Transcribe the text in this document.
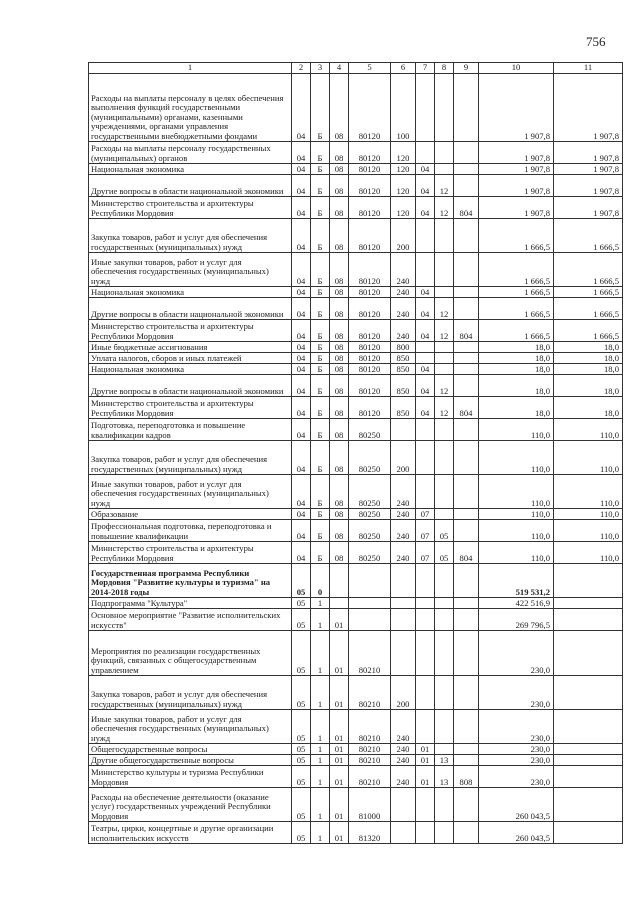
756
1	2	3	4	5	6	7	8	9	10	11
Расходы на выплаты персоналу в целях обеспечения выполнения функций государственными (муниципальными) органами, казенными учреждениями, органами управления государственными внебюджетными фондами	04	Б	08	80120	100				1 907,8	1 907,8
Расходы на выплаты персоналу государственных (муниципальных) органов	04	Б	08	80120	120				1 907,8	1 907,8
Национальная экономика	04	Б	08	80120	120	04			1 907,8	1 907,8
Другие вопросы в области национальной экономики	04	Б	08	80120	120	04	12		1 907,8	1 907,8
Министерство строительства и архитектуры Республики Мордовия	04	Б	08	80120	120	04	12	804	1 907,8	1 907,8
Закупка товаров, работ и услуг для обеспечения государственных (муниципальных) нужд	04	Б	08	80120	200				1 666,5	1 666,5
Иные закупки товаров, работ и услуг для обеспечения государственных (муниципальных) нужд	04	Б	08	80120	240				1 666,5	1 666,5
Национальная экономика	04	Б	08	80120	240	04			1 666,5	1 666,5
Другие вопросы в области национальной экономики	04	Б	08	80120	240	04	12		1 666,5	1 666,5
Министерство строительства и архитектуры Республики Мордовия	04	Б	08	80120	240	04	12	804	1 666,5	1 666,5
Иные бюджетные ассигнования	04	Б	08	80120	800				18,0	18,0
Уплата налогов, сборов и иных платежей	04	Б	08	80120	850				18,0	18,0
Национальная экономика	04	Б	08	80120	850	04			18,0	18,0
Другие вопросы в области национальной экономики	04	Б	08	80120	850	04	12		18,0	18,0
Министерство строительства и архитектуры Республики Мордовия	04	Б	08	80120	850	04	12	804	18,0	18,0
Подготовка, переподготовка и повышение квалификации кадров	04	Б	08	80250					110,0	110,0
Закупка товаров, работ и услуг для обеспечения государственных (муниципальных) нужд	04	Б	08	80250	200				110,0	110,0
Иные закупки товаров, работ и услуг для обеспечения государственных (муниципальных) нужд	04	Б	08	80250	240				110,0	110,0
Образование	04	Б	08	80250	240	07			110,0	110,0
Профессиональная подготовка, переподготовка и повышение квалификации	04	Б	08	80250	240	07	05		110,0	110,0
Министерство строительства и архитектуры Республики Мордовия	04	Б	08	80250	240	07	05	804	110,0	110,0
Государственная программа Республики Мордовия "Развитие культуры и туризма" на 2014-2018 годы	05	0							519 531,2	
Подпрограмма "Культура"	05	1							422 516,9	
Основное мероприятие "Развитие исполнительских искусств"	05	1	01						269 796,5	
Мероприятия по реализации государственных функций, связанных с общегосударственным управлением	05	1	01	80210					230,0	
Закупка товаров, работ и услуг для обеспечения государственных (муниципальных) нужд	05	1	01	80210	200				230,0	
Иные закупки товаров, работ и услуг для обеспечения государственных (муниципальных) нужд	05	1	01	80210	240				230,0	
Общегосударственные вопросы	05	1	01	80210	240	01			230,0	
Другие общегосударственные вопросы	05	1	01	80210	240	01	13		230,0	
Министерство культуры и туризма Республики Мордовия	05	1	01	80210	240	01	13	808	230,0	
Расходы на обеспечение деятельности (оказание услуг) государственных учреждений Республики Мордовия	05	1	01	81000					260 043,5	
Театры, цирки, концертные и другие организации исполнительских искусств	05	1	01	81320					260 043,5	
